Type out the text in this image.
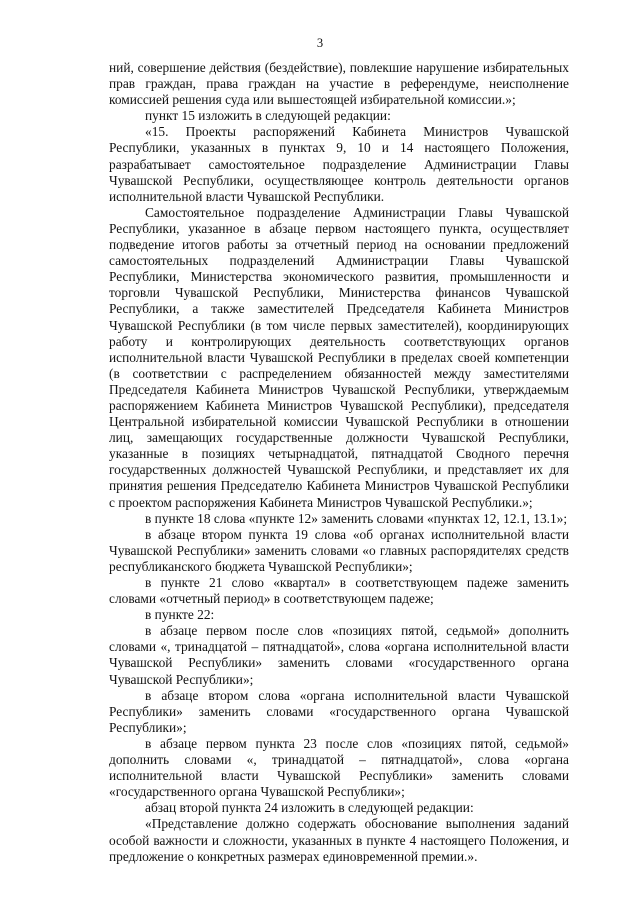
3

ний, совершение действия (бездействие), повлекшие нарушение избирательных прав граждан, права граждан на участие в референдуме, неисполнение комиссией решения суда или вышестоящей избирательной комиссии.»;

пункт 15 изложить в следующей редакции:

«15. Проекты распоряжений Кабинета Министров Чувашской Республики, указанных в пунктах 9, 10 и 14 настоящего Положения, разрабатывает самостоятельное подразделение Администрации Главы Чувашской Республики, осуществляющее контроль деятельности органов исполнительной власти Чувашской Республики.

Самостоятельное подразделение Администрации Главы Чувашской Республики, указанное в абзаце первом настоящего пункта, осуществляет подведение итогов работы за отчетный период на основании предложений самостоятельных подразделений Администрации Главы Чувашской Республики, Министерства экономического развития, промышленности и торговли Чувашской Республики, Министерства финансов Чувашской Республики, а также заместителей Председателя Кабинета Министров Чувашской Республики (в том числе первых заместителей), координирующих работу и контролирующих деятельность соответствующих органов исполнительной власти Чувашской Республики в пределах своей компетенции (в соответствии с распределением обязанностей между заместителями Председателя Кабинета Министров Чувашской Республики, утверждаемым распоряжением Кабинета Министров Чувашской Республики), председателя Центральной избирательной комиссии Чувашской Республики в отношении лиц, замещающих государственные должности Чувашской Республики, указанные в позициях четырнадцатой, пятнадцатой Сводного перечня государственных должностей Чувашской Республики, и представляет их для принятия решения Председателю Кабинета Министров Чувашской Республики с проектом распоряжения Кабинета Министров Чувашской Республики.»;

в пункте 18 слова «пункте 12» заменить словами «пунктах 12, 12.1, 13.1»;

в абзаце втором пункта 19 слова «об органах исполнительной власти Чувашской Республики» заменить словами «о главных распорядителях средств республиканского бюджета Чувашской Республики»;

в пункте 21 слово «квартал» в соответствующем падеже заменить словами «отчетный период» в соответствующем падеже;

в пункте 22:

в абзаце первом после слов «позициях пятой, седьмой» дополнить словами «, тринадцатой – пятнадцатой», слова «органа исполнительной власти Чувашской Республики» заменить словами «государственного органа Чувашской Республики»;

в абзаце втором слова «органа исполнительной власти Чувашской Республики» заменить словами «государственного органа Чувашской Республики»;

в абзаце первом пункта 23 после слов «позициях пятой, седьмой» дополнить словами «, тринадцатой – пятнадцатой», слова «органа исполнительной власти Чувашской Республики» заменить словами «государственного органа Чувашской Республики»;

абзац второй пункта 24 изложить в следующей редакции:

«Представление должно содержать обоснование выполнения заданий особой важности и сложности, указанных в пункте 4 настоящего Положения, и предложение о конкретных размерах единовременной премии.».
